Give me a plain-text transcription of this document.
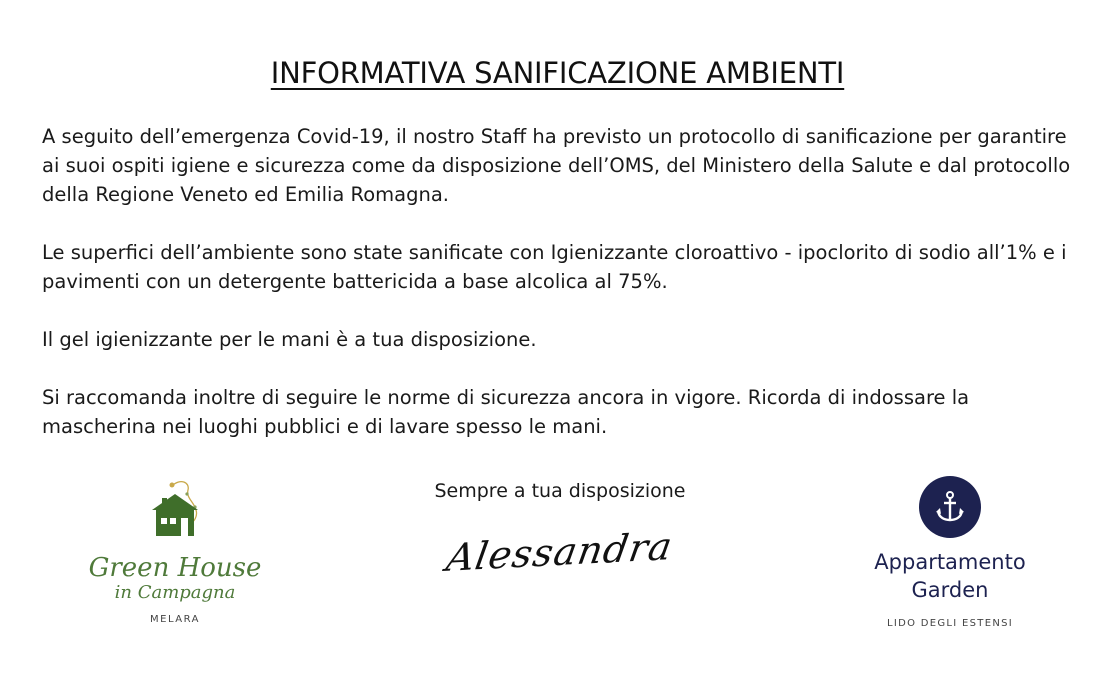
INFORMATIVA SANIFICAZIONE AMBIENTI

A seguito dell’emergenza Covid-19, il nostro Staff ha previsto un protocollo di sanificazione per garantire ai suoi ospiti igiene e sicurezza come da disposizione dell’OMS, del Ministero della Salute e dal protocollo della Regione Veneto ed Emilia Romagna.

Le superfici dell’ambiente sono state sanificate con Igienizzante cloroattivo - ipoclorito di sodio all’1% e i pavimenti con un detergente battericida a base alcolica al 75%.

Il gel igienizzante per le mani è a tua disposizione.

Si raccomanda inoltre di seguire le norme di sicurezza ancora in vigore. Ricorda di indossare la mascherina nei luoghi pubblici e di lavare spesso le mani.

Green House
in Campagna
MELARA
Sempre a tua disposizione
Alessandra	Appartamento
Garden
LIDO DEGLI ESTENSI
